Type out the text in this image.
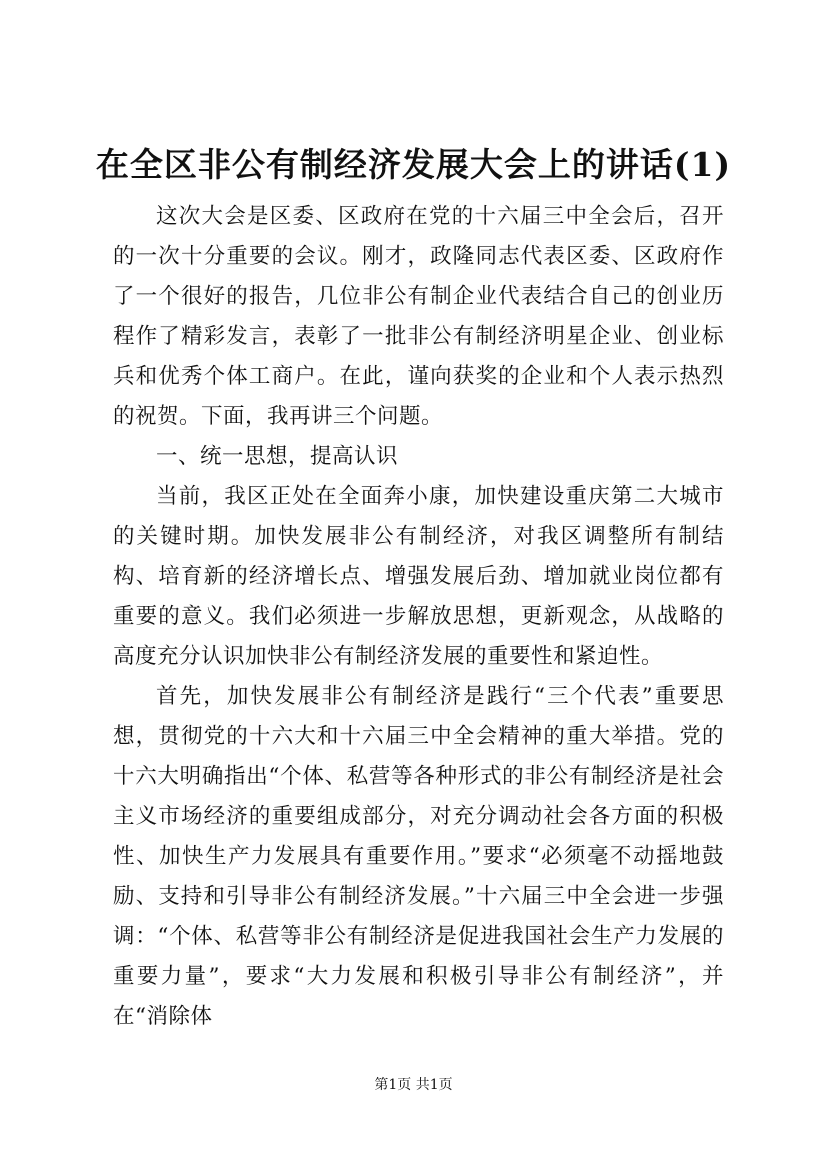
在全区非公有制经济发展大会上的讲话(1)

这次大会是区委、区政府在党的十六届三中全会后，召开的一次十分重要的会议。刚才，政隆同志代表区委、区政府作了一个很好的报告，几位非公有制企业代表结合自己的创业历程作了精彩发言，表彰了一批非公有制经济明星企业、创业标兵和优秀个体工商户。在此，谨向获奖的企业和个人表示热烈的祝贺。下面，我再讲三个问题。

一、统一思想，提高认识

当前，我区正处在全面奔小康，加快建设重庆第二大城市的关键时期。加快发展非公有制经济，对我区调整所有制结构、培育新的经济增长点、增强发展后劲、增加就业岗位都有重要的意义。我们必须进一步解放思想，更新观念，从战略的高度充分认识加快非公有制经济发展的重要性和紧迫性。

首先，加快发展非公有制经济是践行“三个代表”重要思想，贯彻党的十六大和十六届三中全会精神的重大举措。党的十六大明确指出“个体、私营等各种形式的非公有制经济是社会主义市场经济的重要组成部分，对充分调动社会各方面的积极性、加快生产力发展具有重要作用。”要求“必须毫不动摇地鼓励、支持和引导非公有制经济发展。”十六届三中全会进一步强调：“个体、私营等非公有制经济是促进我国社会生产力发展的重要力量”，要求“大力发展和积极引导非公有制经济”，并在“消除体

第1页 共1页
